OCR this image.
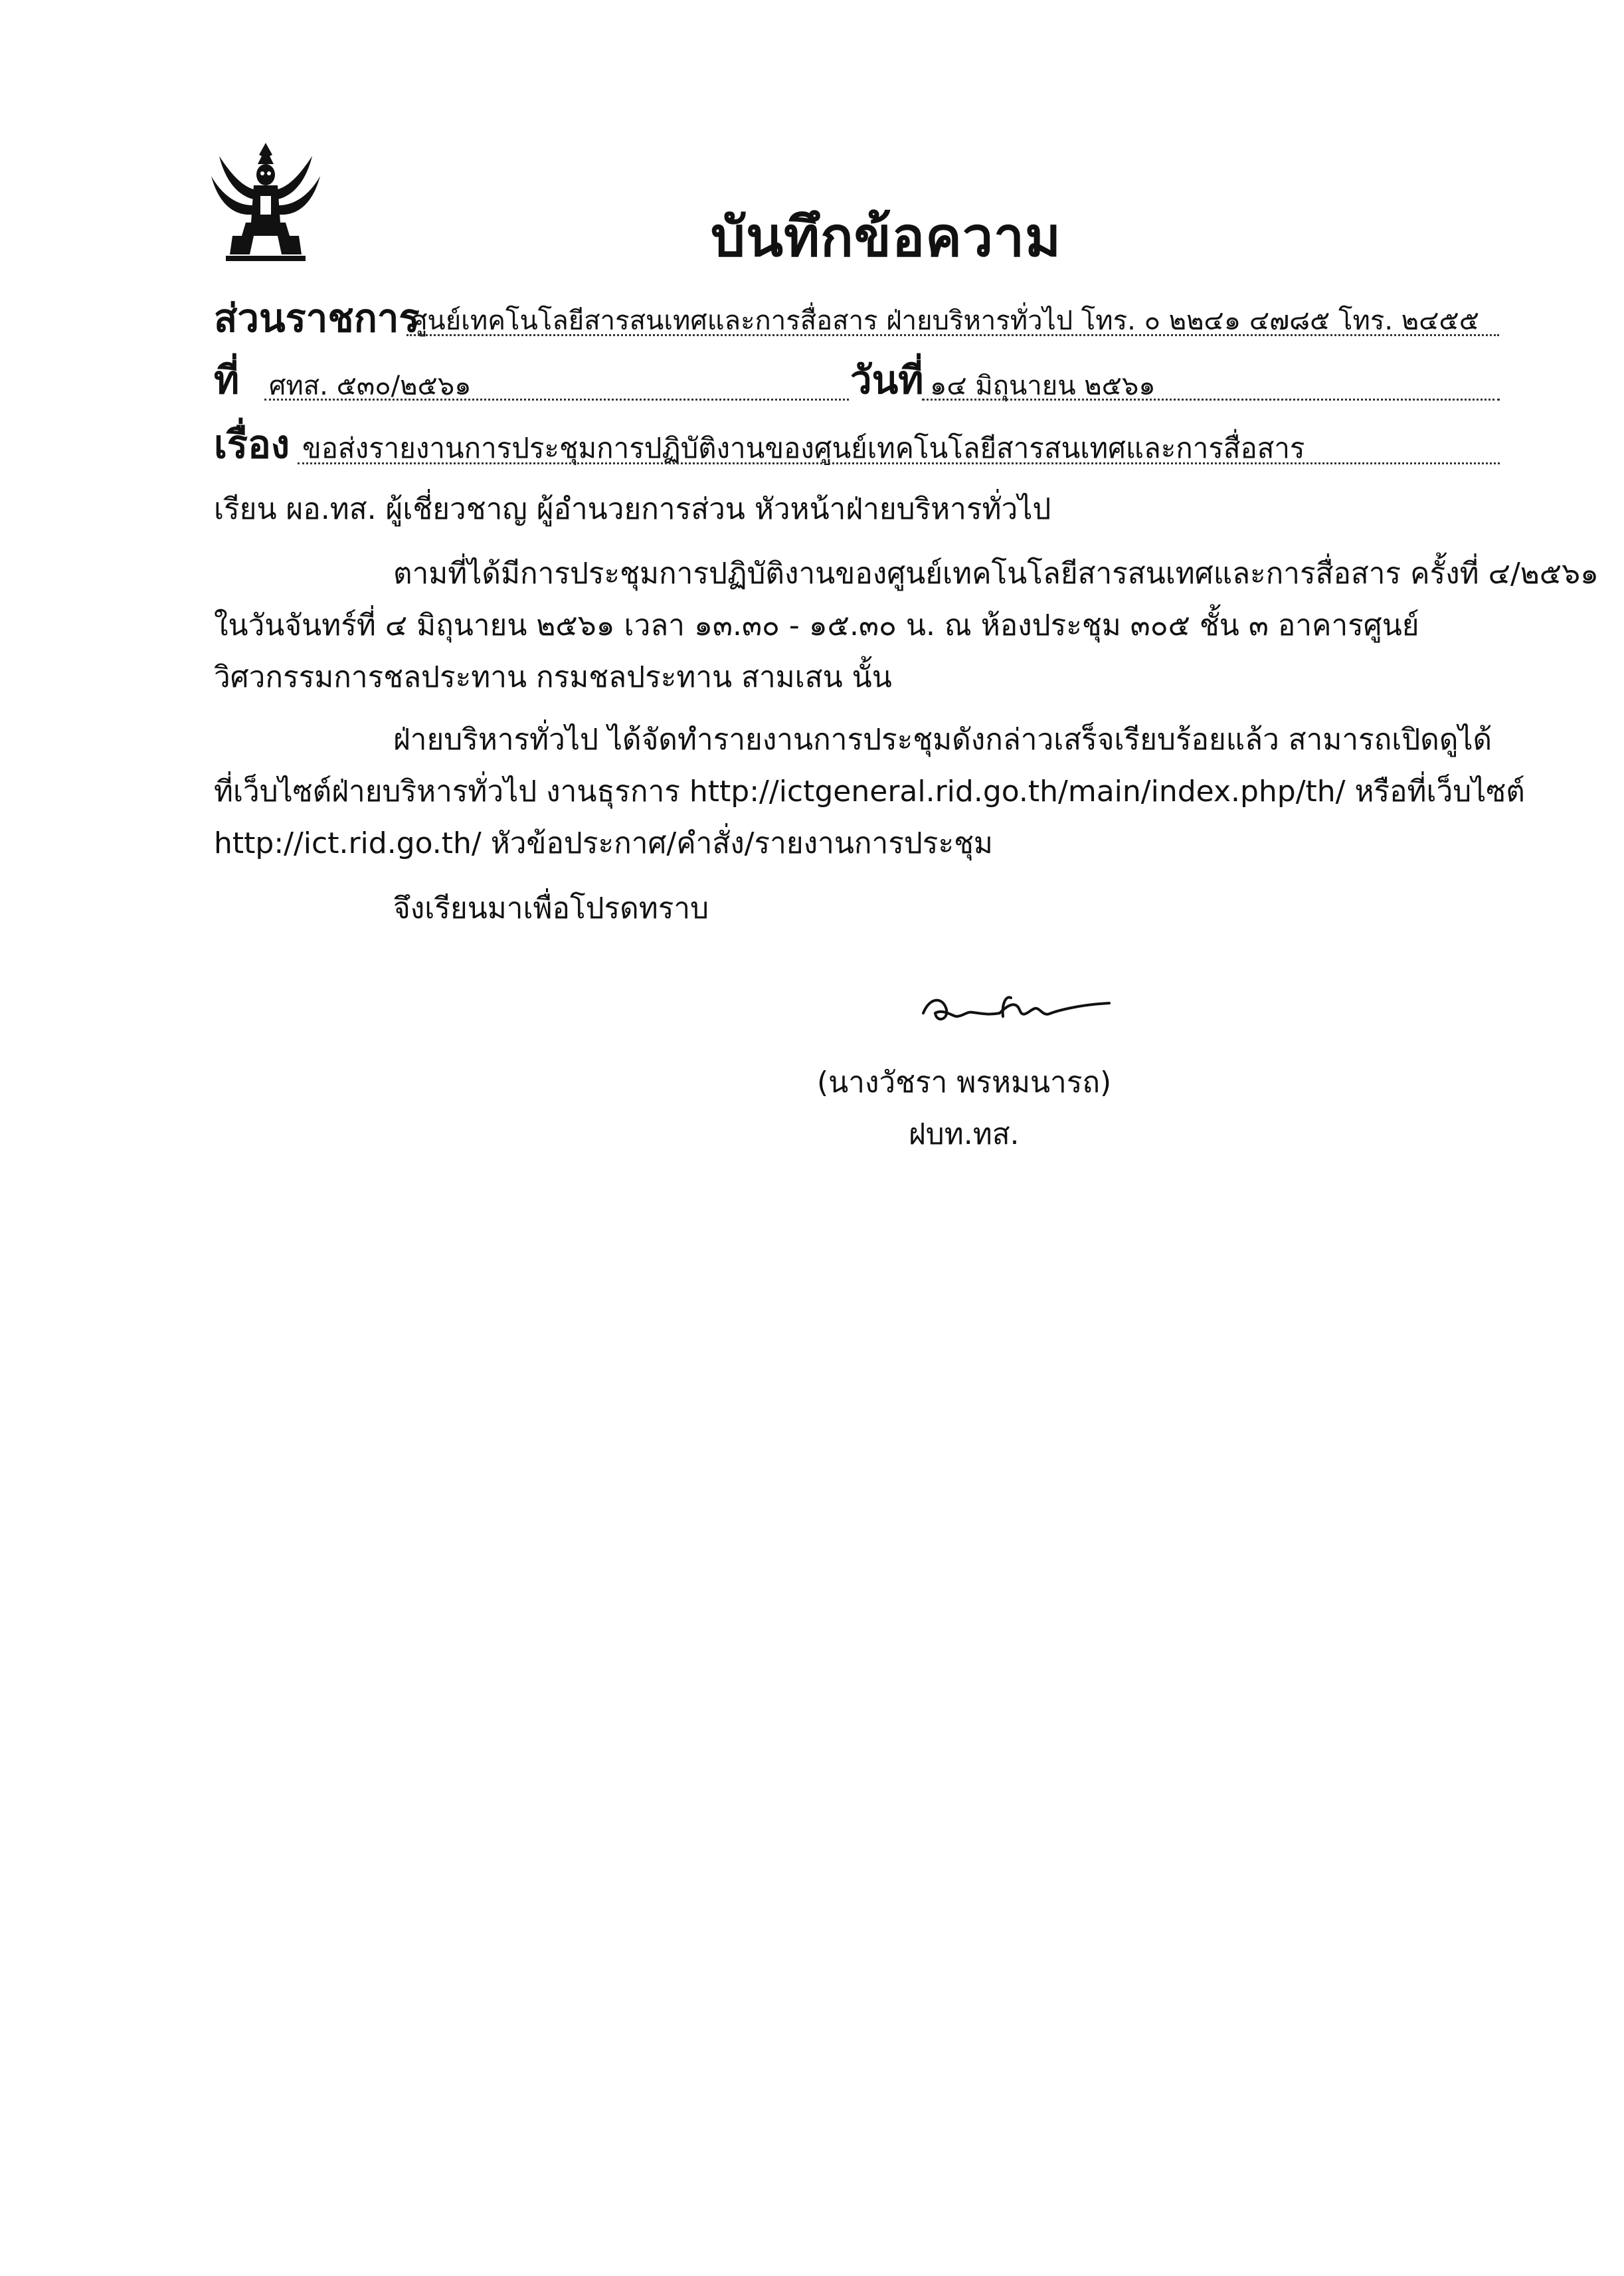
บันทึกข้อความ
ส่วนราชการ
ศูนย์เทคโนโลยีสารสนเทศและการสื่อสาร ฝ่ายบริหารทั่วไป โทร. ๐ ๒๒๔๑ ๔๗๘๕ โทร. ๒๔๕๕
ที่ ศทส. ๕๓๐/๒๕๖๑	วันที่ ๑๔ มิถุนายน ๒๕๖๑
เรื่อง ขอส่งรายงานการประชุมการปฏิบัติงานของศูนย์เทคโนโลยีสารสนเทศและการสื่อสาร
เรียน ผอ.ทส. ผู้เชี่ยวชาญ ผู้อำนวยการส่วน หัวหน้าฝ่ายบริหารทั่วไป
ตามที่ได้มีการประชุมการปฏิบัติงานของศูนย์เทคโนโลยีสารสนเทศและการสื่อสาร ครั้งที่ ๔/๒๕๖๑
ในวันจันทร์ที่ ๔ มิถุนายน ๒๕๖๑ เวลา ๑๓.๓๐ - ๑๕.๓๐ น. ณ ห้องประชุม ๓๐๕ ชั้น ๓ อาคารศูนย์
วิศวกรรมการชลประทาน กรมชลประทาน สามเสน นั้น
ฝ่ายบริหารทั่วไป ได้จัดทำรายงานการประชุมดังกล่าวเสร็จเรียบร้อยแล้ว สามารถเปิดดูได้
ที่เว็บไซต์ฝ่ายบริหารทั่วไป งานธุรการ http://ictgeneral.rid.go.th/main/index.php/th/ หรือที่เว็บไซต์
http://ict.rid.go.th/ หัวข้อประกาศ/คำสั่ง/รายงานการประชุม
จึงเรียนมาเพื่อโปรดทราบ
(นางวัชรา พรหมนารถ)
ฝบท.ทส.
